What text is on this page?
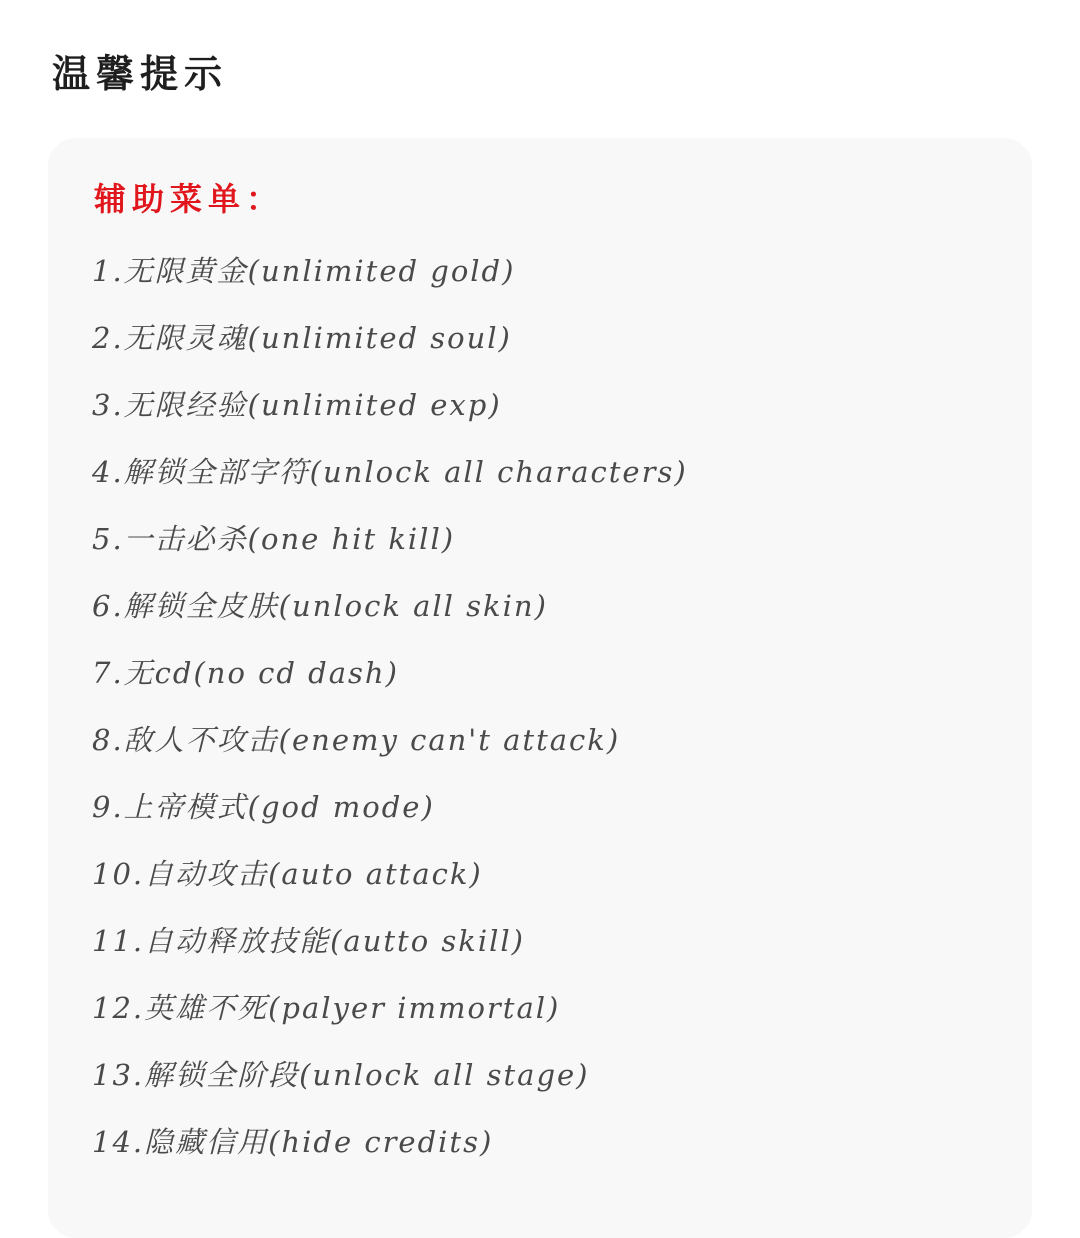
温馨提示
辅助菜单：
1.无限黄金(unlimited gold)
2.无限灵魂(unlimited soul)
3.无限经验(unlimited exp)
4.解锁全部字符(unlock all characters)
5.一击必杀(one hit kill)
6.解锁全皮肤(unlock all skin)
7.无cd(no cd dash)
8.敌人不攻击(enemy can't attack)
9.上帝模式(god mode)
10.自动攻击(auto attack)
11.自动释放技能(autto skill)
12.英雄不死(palyer immortal)
13.解锁全阶段(unlock all stage)
14.隐藏信用(hide credits)
